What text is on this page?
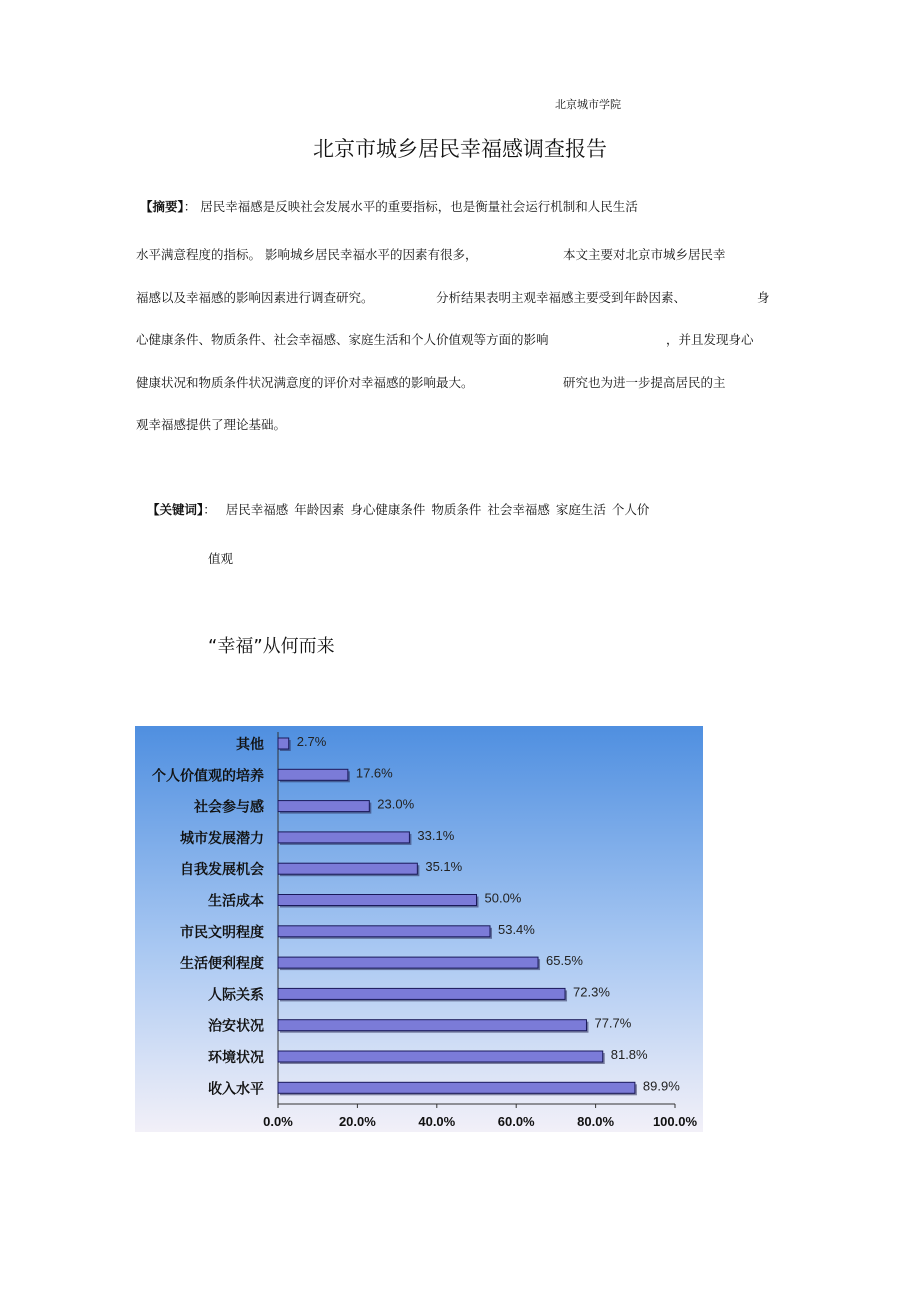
北京城市学院
北京市城乡居民幸福感调查报告
【摘要】： 居民幸福感是反映社会发展水平的重要指标，也是衡量社会运行机制和人民生活
水平满意程度的指标。 影响城乡居民幸福水平的因素有很多，	本文主要对北京市城乡居民幸
福感以及幸福感的影响因素进行调查研究。	分析结果表明主观幸福感主要受到年龄因素、	身
心健康条件、物质条件、社会幸福感、家庭生活和个人价值观等方面的影响	，并且发现身心
健康状况和物质条件状况满意度的评价对幸福感的影响最大。	研究也为进一步提高居民的主
观幸福感提供了理论基础。
【关键词】： 居民幸福感 年龄因素 身心健康条件 物质条件 社会幸福感 家庭生活 个人价
值观
“幸福”从何而来
其他	2.7%
个人价值观的培养	17.6%
社会参与感	23.0%
城市发展潜力	33.1%
自我发展机会	35.1%
生活成本	50.0%
市民文明程度	53.4%
生活便利程度	65.5%
人际关系	72.3%
治安状况	77.7%
环境状况	81.8%
收入水平	89.9%
0.0%	20.0%	40.0%	60.0%	80.0%	100.0%
